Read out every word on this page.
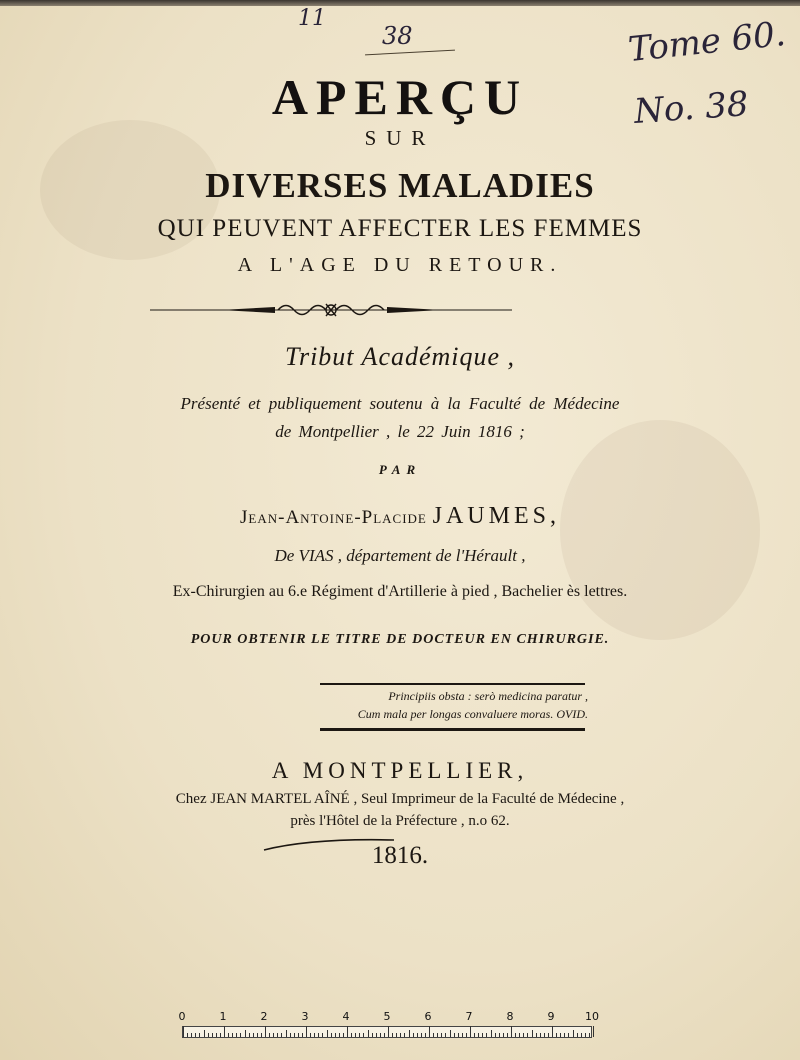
11
38	Tome 60.
No. 38
APERÇU
SUR
DIVERSES MALADIES
QUI PEUVENT AFFECTER LES FEMMES
A L'AGE DU RETOUR.
Tribut Académique ,
Présenté et publiquement soutenu à la Faculté de Médecine
de Montpellier , le 22 Juin 1816 ;
PAR
Jean-Antoine-Placide JAUMES,
De VIAS , département de l'Hérault ,
Ex-Chirurgien au 6.e Régiment d'Artillerie à pied , Bachelier ès lettres.
POUR OBTENIR LE TITRE DE DOCTEUR EN CHIRURGIE.
Principiis obsta : serò medicina paratur ,
Cum mala per longas convaluere moras. OVID.
A MONTPELLIER,
Chez JEAN MARTEL AÎNÉ , Seul Imprimeur de la Faculté de Médecine ,
près l'Hôtel de la Préfecture , n.o 62.
1816.
0	1	2	3	4	5	6	7	8	9	10
